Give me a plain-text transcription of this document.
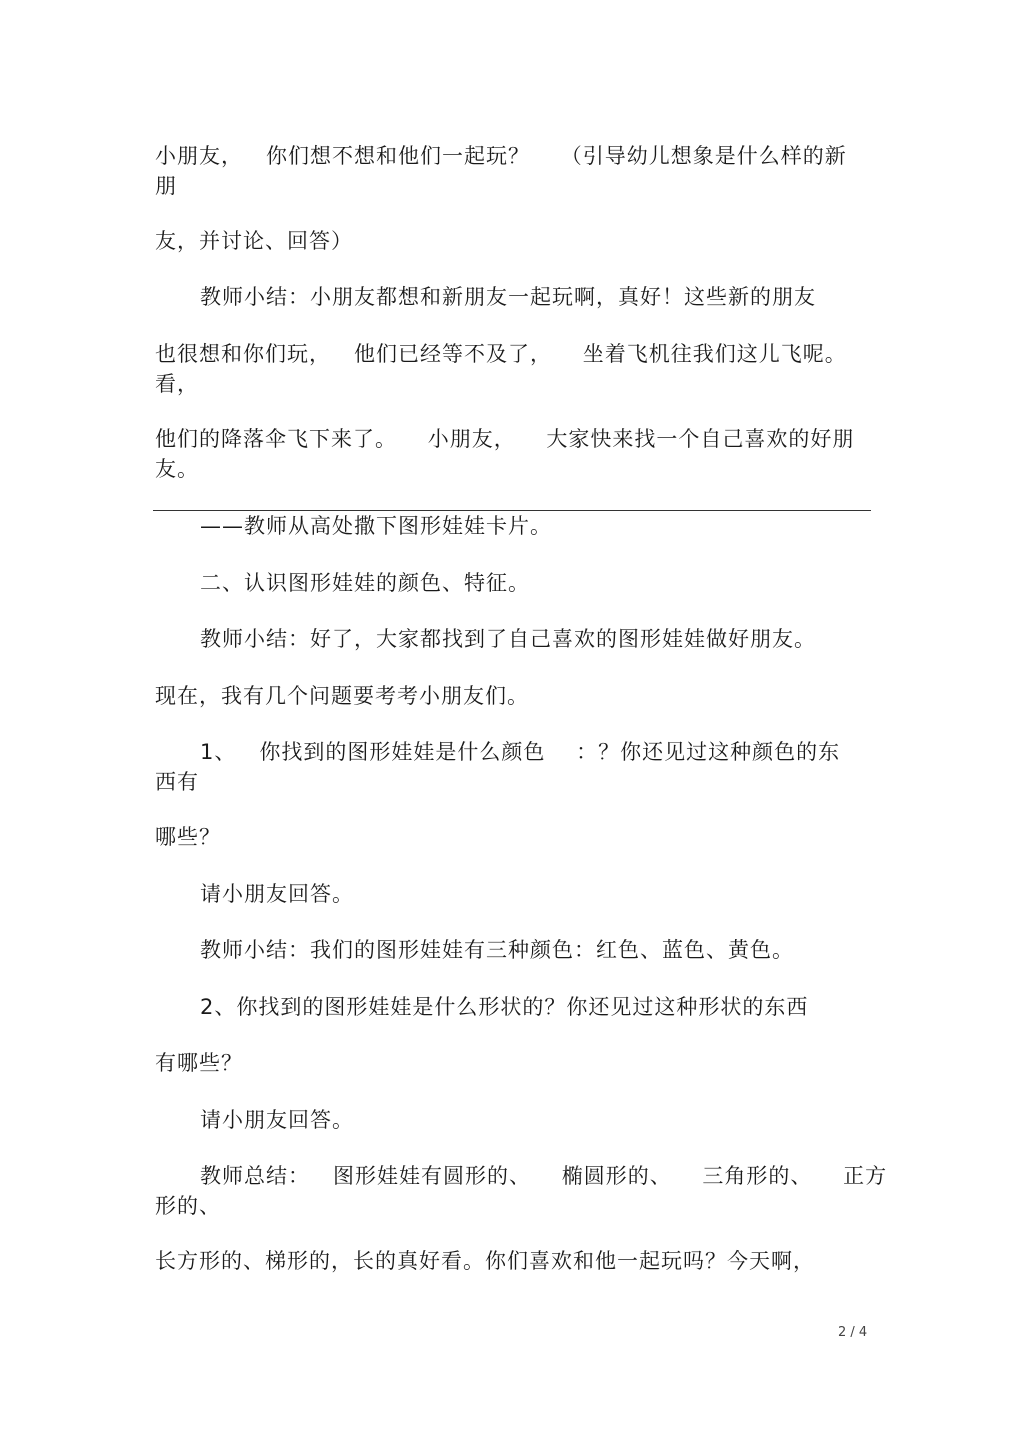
小朋友，   你们想不想和他们一起玩？    （引导幼儿想象是什么样的新
朋
友，并讨论、回答）
教师小结：小朋友都想和新朋友一起玩啊，真好！这些新的朋友
也很想和你们玩，   他们已经等不及了，    坐着飞机往我们这儿飞呢。
看，
他们的降落伞飞下来了。    小朋友，    大家快来找一个自己喜欢的好朋
友。
——教师从高处撒下图形娃娃卡片。
二、认识图形娃娃的颜色、特征。
教师小结：好了，大家都找到了自己喜欢的图形娃娃做好朋友。
现在，我有几个问题要考考小朋友们。
1、   你找到的图形娃娃是什么颜色    ：？你还见过这种颜色的东
西有
哪些？
请小朋友回答。
教师小结：我们的图形娃娃有三种颜色：红色、蓝色、黄色。
2、你找到的图形娃娃是什么形状的？你还见过这种形状的东西
有哪些？
请小朋友回答。
教师总结：   图形娃娃有圆形的、    椭圆形的、    三角形的、    正方
形的、
长方形的、梯形的，长的真好看。你们喜欢和他一起玩吗？今天啊，
2 / 4
